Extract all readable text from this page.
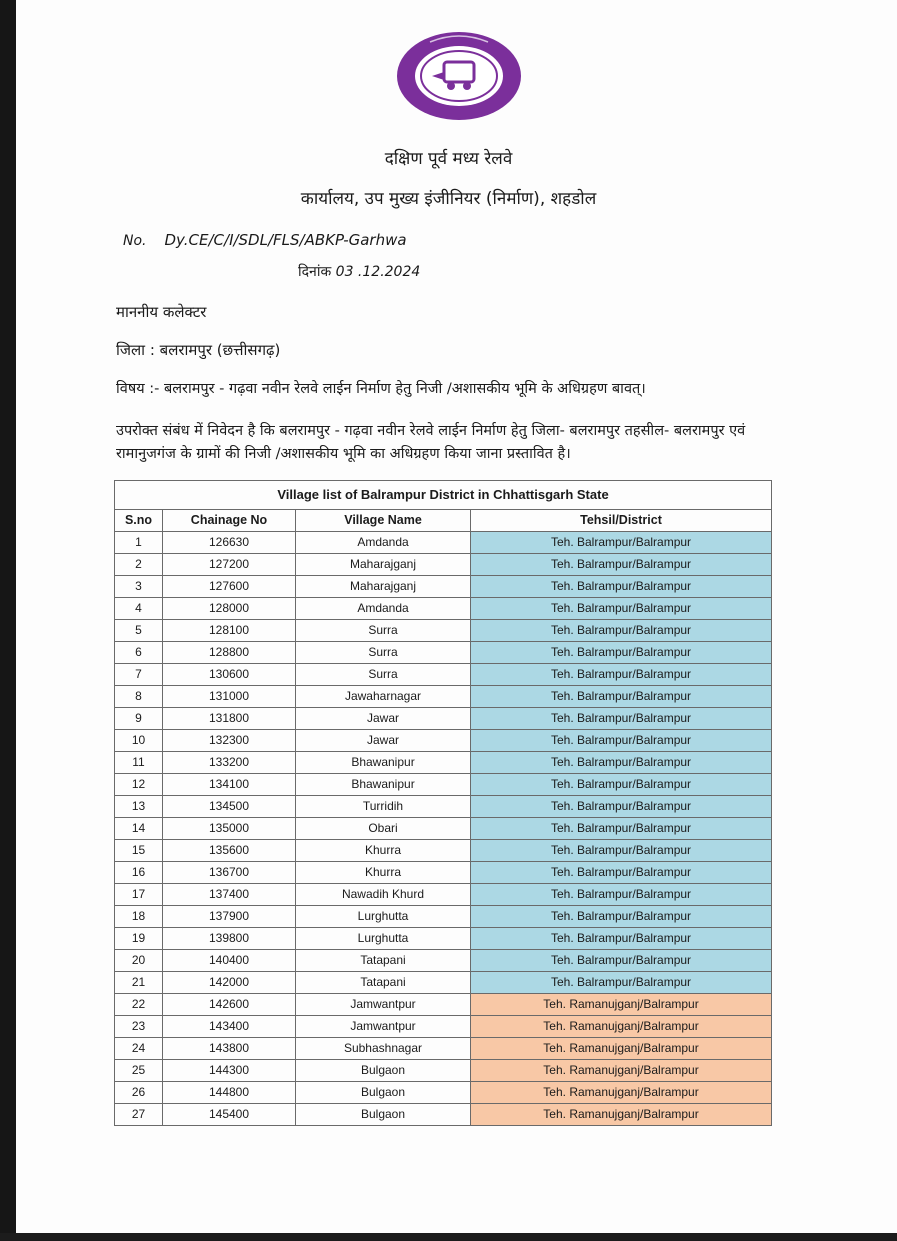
दक्षिण पूर्व मध्य रेलवे
कार्यालय, उप मुख्य इंजीनियर (निर्माण), शहडोल
No. Dy.CE/C/I/SDL/FLS/ABKP-Garhwa
दिनांक 03 .12.2024
माननीय कलेक्टर
जिला : बलरामपुर (छत्तीसगढ़)
विषय :- बलरामपुर - गढ़वा नवीन रेलवे लाईन निर्माण हेतु निजी /अशासकीय भूमि के अधिग्रहण बावत्।
उपरोक्त संबंध में निवेदन है कि बलरामपुर - गढ़वा नवीन रेलवे लाईन निर्माण हेतु जिला- बलरामपुर तहसील- बलरामपुर एवं रामानुजगंज के ग्रामों की निजी /अशासकीय भूमि का अधिग्रहण किया जाना प्रस्तावित है।
Village list of Balrampur District in Chhattisgarh State			
S.no	Chainage No	Village Name	Tehsil/District
1	126630	Amdanda	Teh. Balrampur/Balrampur
2	127200	Maharajganj	Teh. Balrampur/Balrampur
3	127600	Maharajganj	Teh. Balrampur/Balrampur
4	128000	Amdanda	Teh. Balrampur/Balrampur
5	128100	Surra	Teh. Balrampur/Balrampur
6	128800	Surra	Teh. Balrampur/Balrampur
7	130600	Surra	Teh. Balrampur/Balrampur
8	131000	Jawaharnagar	Teh. Balrampur/Balrampur
9	131800	Jawar	Teh. Balrampur/Balrampur
10	132300	Jawar	Teh. Balrampur/Balrampur
11	133200	Bhawanipur	Teh. Balrampur/Balrampur
12	134100	Bhawanipur	Teh. Balrampur/Balrampur
13	134500	Turridih	Teh. Balrampur/Balrampur
14	135000	Obari	Teh. Balrampur/Balrampur
15	135600	Khurra	Teh. Balrampur/Balrampur
16	136700	Khurra	Teh. Balrampur/Balrampur
17	137400	Nawadih Khurd	Teh. Balrampur/Balrampur
18	137900	Lurghutta	Teh. Balrampur/Balrampur
19	139800	Lurghutta	Teh. Balrampur/Balrampur
20	140400	Tatapani	Teh. Balrampur/Balrampur
21	142000	Tatapani	Teh. Balrampur/Balrampur
22	142600	Jamwantpur	Teh. Ramanujganj/Balrampur
23	143400	Jamwantpur	Teh. Ramanujganj/Balrampur
24	143800	Subhashnagar	Teh. Ramanujganj/Balrampur
25	144300	Bulgaon	Teh. Ramanujganj/Balrampur
26	144800	Bulgaon	Teh. Ramanujganj/Balrampur
27	145400	Bulgaon	Teh. Ramanujganj/Balrampur
